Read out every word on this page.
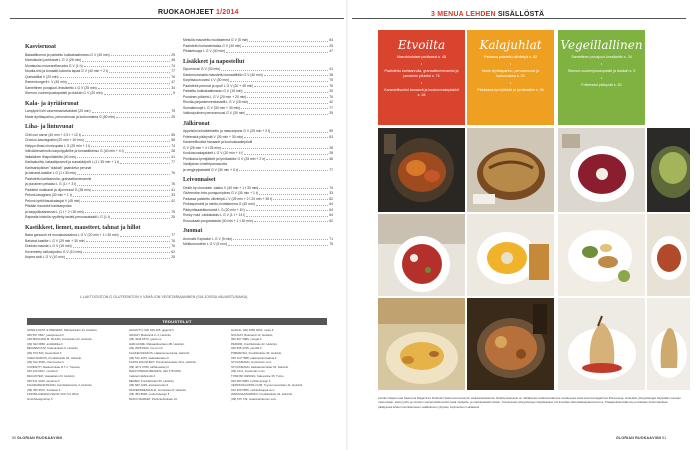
RUOKAOHJEET 1/2014
Kasvisruoat
Bataattikorma ja paistettu kukkakaalimarsu G V (45 min)	25
Marrokkolei porkkanat L G V (25 min)	45
Munakoiso-mozzarellavuoka G V (1 h)	74
Muotia-riisi ja tomaatti-kulomia tapaa G V (40 min + 2 t)	77
Quesadillat V (20 min)	76
Ramenburgerit L V (45 min)	47
Samettinen punajuuri-linssikeitto L G V (25 min)	34
Sherom-vuohenjuustopaistit ja dukkah G V (20 min)	5
Kala- ja äyriäisruoat
Lampipiiri lohi vasemmanlaivakkeit (25 min)	75
Made äyriäisparinu, perunamuusi ja kurkumakea G (50 min)	25
Liha- ja lintuvuoat
Chili con carne (40 min + 2,5 t + 12 t)	55
Chorizo-kasvisgratini (20 min + 40 min)	58
Helppo lihasi-chorizopata L G (25 min + 1 t)	74
Inkiväärimarinoitu karpolppärilke ja tomaattikimsu G (40 min + 4 t)	28
Italialainen lihapullakeitto (40 min)	41
Karitsakoitta, bataattipusezit ja sumakkirjoitt L (1 t 35 min + 1 t)	77
Karitsankylkiset "dukkah" paahdetut perunat
ja baharat-kastike L G (1 t 30 min)	76
Paahdettu karitsanrulla, granaattiomenamisi
ja punainen pelaaso L G (1 t + 3 t)	76
Paistetut makkarat ja dijonmuusi G (35 min)	41
Pekoni-lasagnesi (30 min + 1 t)	33
Pekoni-tyrttiöhauskalanjat V (45 min)	42
Pitkään haudutut karitsanpotkа
ja karppikkaisneussi L (1 t + 2 t 30 min)	75
Rapealla kinkulla ryydfetty tasteli-perunasalaatti L G (1 t)	25
Kastikkeet, liemet, maustteet, tahnat ja hillot
Baba ganoush eli munakoisotahna L G V (20 min + 1 t 30 min)	77
Baharat-kastike L G V (25 min + 30 min)	76
Dukkah-mauste L G V (15 min)	76
Kevenneity valkosipulivo G V (10 min)	62
Nopea aioli L G V (10 min)	25
Mintulla maustettu ricottakerma G V (5 min)	64
Paahdettu korianterisalsa G V (30 min)	25
Pikaketsuppi L G V (40 min)	47
Lisäkkeet ja napostellut
Dipommusi G V (30 min)	41
Kardemummalla maustettu tomaattihillo G V (40 min)	28
Kurpitsacurcovasi L V (30 min)	75
Paahdetut perunat ja oput! L G V (20 + 45 min)	76
Paistettu kukkakaalimarsu G V (15 min)	25
Punainen pikkelsi L G V (20 min + 20 min)	76
Ricotta-pinjansiemenkastatit L G V (15 min)	42
Sumakkioopit L G V (30 min + 30 min)	77
Valkosipulinen perunamuusi G V (30 min)	25
Jälkiruoat
Appelsiini-inkiväärikeitto ja mascarpone G V (25 min + 2 t)	59
Friteeratut päärynät V (30 min + 30 min)	63
Karamellisoidut banaanit ja kookoskaakepliotit
G V (25 min + 4 t 25 min)	28
Kookoscuakajakkeit L G V (20 min + 4 t)	28
Pinhkiana-tyrmijälkeit ja tyrnikastike G V (25 min + 2 h)	46
Vaniljainen kinelfripannacotta
ja vergjepipaistetti G V (30 min + 5 t)	77
Leivonnaiset
Death by chocolate -kakku V (40 min + 1 t 30 min)	74
Gluteeniton feta-punajuuripiiras G V (30 min + 1 t)	33
Padassa paistettu oliivileipä L V (25 min + 2 t 20 min + 35 t)	62
Pinkaspersetti ja minttu-ricottakerma G (40 min)	64
Päärynäsaakittunkarsit L G (20 min + 8 t)	64
Rocky road -rakkakakku L G V (1 t + 14 t)	64
Ruusukaali-porgrankasta (30 min + 1 t 30 min)	62
Juomat
Aromatic Expiation L G V (5 min)	71
Minttusmoothie L G V (5 min)	75
L LAKTOOSITON G GLUTEENITON V VÄHÄ-/ON VEGETARIAANINEN (SULJOISSA VALMISTUSAIKA)
TEDUSTELUT
ANNE'S PAST & PRESENT, Marianinkatu 13, Helsinki,
050 567 0847, pastpresent.fi
ANTIIKKILIIKE M. MUURI, Annankatu 22, Helsinki,
(09) 622 0860, antiikkiliike.fi
BEAVERCATZ, Kalevankatu 6, Helsinki,
(09) 673 520, beaverkatz.fi
CHEZ MARIUS, Fredrikinkatu 26, Helsinki,
(09) 612 3630, chezmarius.fi
CONFETTI, Maskerinkatu R.T.1, Tuusula,
040 120 0627, confetti.fi
DECANTER, Vaasaikatu 24, Helsinki,
050 541 3346, decanter.fi
FIGARAFENSTRÄND, Aurinkalaivontie 3, Helsinki,
(09) 350 9670, finnlaiset.fi
FINNISH DESIGN SHOP, 020 741 2510,
finnishdesignshop.fi
GIGANTTI, 020 325 325, gigantti.fi
GRANIT, Bulevardi 2–4, Helsinki,
(09) 4346 0670, granit.se
H&M HOME, Mekaanikonkatu 4B, Helsinki,
(09) 2528 8100, hm.com.fi
KAAKELIKESKUS, Hakaniemenranta, Helsinki,
(09) 512 3470, kaakelikeskus.fi
KAFFA ROASTERY, Pursimiehenkatu 29 A, Helsinki,
(09) 4271 6789, kaffaroastery.fi
MAISTOMAMA BRANDS, 020 178 0250,
maistermakbrands.fi
MEDER, Fredrikinkatu 55, Helsinki,
(09) 660 1239, asukasmeder.fi
MODERNDESIGN.FI, Annankatu 8, Helsinki,
(09) 454 8938, moderndesign.fi
MOKO MARKET, Perämiehenkatu 10,
Helsinki, (09) 4050 4600, moko.fi
NOUGAT, Bulevardi 13, Helsinki,
050 367 3980, nougat.fi
PERO84, Fredrikinkatu 22, Helsinki,
040 555 3795, pero84.fi
PIMMAKSIA, Fredrikinkatu 46, Helsinki,
045 123 7588, palleinpirimmaksia.fi
STOCKMANN, stockmann.com
STOCKMANN, Aleksanterinkatu 52, Helsinki,
(09) 1211, stockmann.com
TONFISK DESIGN, Kalevantie 35, Turku,
040 484 5983, tonfisk-design.fi
VERKKOKAUPPA.COM, Tyynenmerenkatu 11, Helsinki,
010 309 5555, verkkokauppa.com
WARANAATARINKO, Fredrikinkatu 32, Helsinki,
(09) 675 742, waaranariaroom.com
50 GLORIAN RUOKA&VIINI
3 MENUA LEHDEN SISÄLLÖSTÄ
Etvoilta
Marrokkolaiset porkkanat s. 45
•
Paahdettu karitsanrulla, granaattiomenamisi ja punainen pikkelsi s. 76
•
Karamellisoidut banaanit ja kookosmakeplakkit s. 28
Kalajuhlat
Padassa paistettu oliivileipä s. 62
•
Made äyriäisparinu, perunamuusi ja kurkumakea s. 25
•
Pinhkiana-tyrmijäkkeli ja tyrnikastike s. 46
Vegeillallinen
Samettinen punajuuri-linssikeitto s. 34
•
Sherom-vuohenjuustopaistit ja dukkah s. 5
•
Friteeratut päärynät s. 63
Lehden lisäpot ovat Saanoma Magazines Finlandin Saanoma konsernin asukasrekisterissä. Rekisteriselosste on nähtävissä verkkosivuilamme osoitteessa www.sanomamagazines.fi/tietosuoja, etsiteidän yhteystietojasi käytetään suoraan mainontaan, etämyyntiin ja muuhun suoramarkkinointiin sekä mielipide- ja markkinatutkimuksiin. Toivotessasi yhteystietojen käyttökieltoa voit ilmoittaa siitä asiakaspalveluumme. Tilaajarekisteristämme poistetaan tiedot tilauksen päättyessä lehden toimittamiseen osallistuvien yritysten sopimusten mukaisesti.
GLORIAN RUOKA&VIINI 51
